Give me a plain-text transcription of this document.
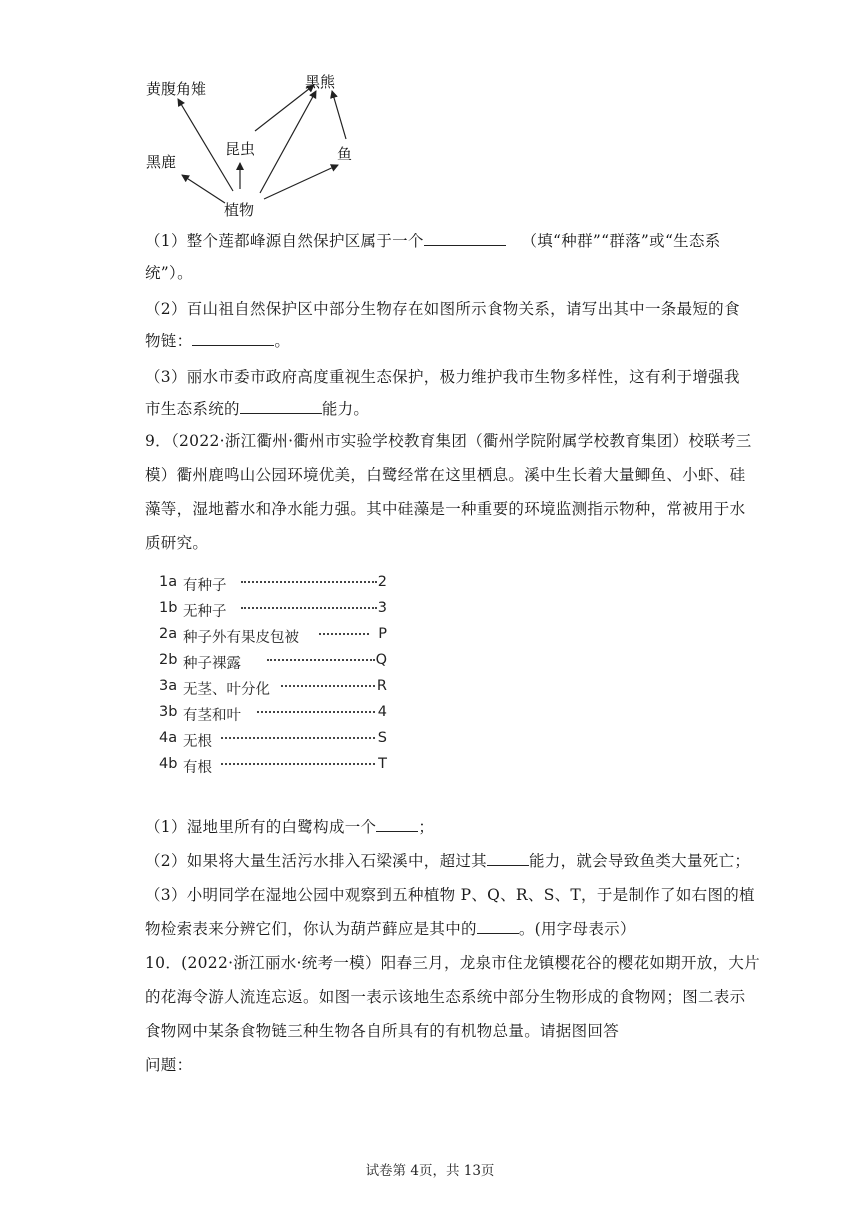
黄腹角雉	黑熊
昆虫
黑鹿	鱼
植物
（1）整个莲都峰源自然保护区属于一个	（填“种群”“群落”或“生态系
统”）。
（2）百山祖自然保护区中部分生物存在如图所示食物关系，请写出其中一条最短的食
物链：	。
（3）丽水市委市政府高度重视生态保护，极力维护我市生物多样性，这有利于增强我
市生态系统的	能力。
9．（2022·浙江衢州·衢州市实验学校教育集团（衢州学院附属学校教育集团）校联考三
模）衢州鹿鸣山公园环境优美，白鹭经常在这里栖息。溪中生长着大量鲫鱼、小虾、硅
藻等，湿地蓄水和净水能力强。其中硅藻是一种重要的环境监测指示物种，常被用于水
质研究。
1a 有种子	2
1b 无种子	3
2a 种子外有果皮包被	P
2b 种子裸露	Q
3a 无茎、叶分化	R
3b 有茎和叶	4
4a 无根	S
4b 有根	T
（1）湿地里所有的白鹭构成一个	；
（2）如果将大量生活污水排入石梁溪中，超过其	能力，就会导致鱼类大量死亡；
（3）小明同学在湿地公园中观察到五种植物 P、Q、R、S、T，于是制作了如右图的植
物检索表来分辨它们，你认为葫芦藓应是其中的	。(用字母表示）
10．(2022·浙江丽水·统考一模）阳春三月，龙泉市住龙镇樱花谷的樱花如期开放，大片
的花海令游人流连忘返。如图一表示该地生态系统中部分生物形成的食物网；图二表示
食物网中某条食物链三种生物各自所具有的有机物总量。请据图回答
问题：
试卷第 4页，共 13页
